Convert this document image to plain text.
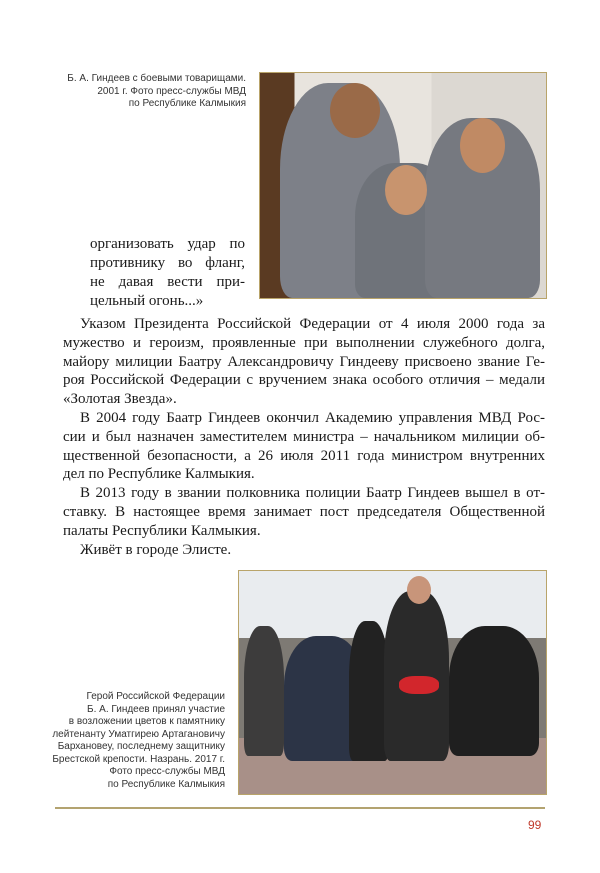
Б. А. Гиндеев с боевыми товарищами.
2001 г. Фото пресс-службы МВД
по Республике Калмыкия
организовать удар по
противнику во фланг,
не давая вести при-
цельный огонь...»
Указом Президента Российской Федерации от 4 июля 2000 года за
мужество и героизм, проявленные при выполнении служебного долга,
майору милиции Баатру Александровичу Гиндееву присвоено звание Ге-
роя Российской Федерации с вручением знака особого отличия – медали
«Золотая Звезда».
В 2004 году Баатр Гиндеев окончил Академию управления МВД Рос-
сии и был назначен заместителем министра – начальником милиции об-
щественной безопасности, а 26 июля 2011 года министром внутренних
дел по Республике Калмыкия.
В 2013 году в звании полковника полиции Баатр Гиндеев вышел в от-
ставку. В настоящее время занимает пост председателя Общественной
палаты Республики Калмыкия.
Живёт в городе Элисте.
Герой Российской Федерации
Б. А. Гиндеев принял участие
в возложении цветов к памятнику
лейтенанту Уматгирею Артагановичу
Бархановеу, последнему защитнику
Брестской крепости. Назрань. 2017 г.
Фото пресс-службы МВД
по Республике Калмыкия
99
